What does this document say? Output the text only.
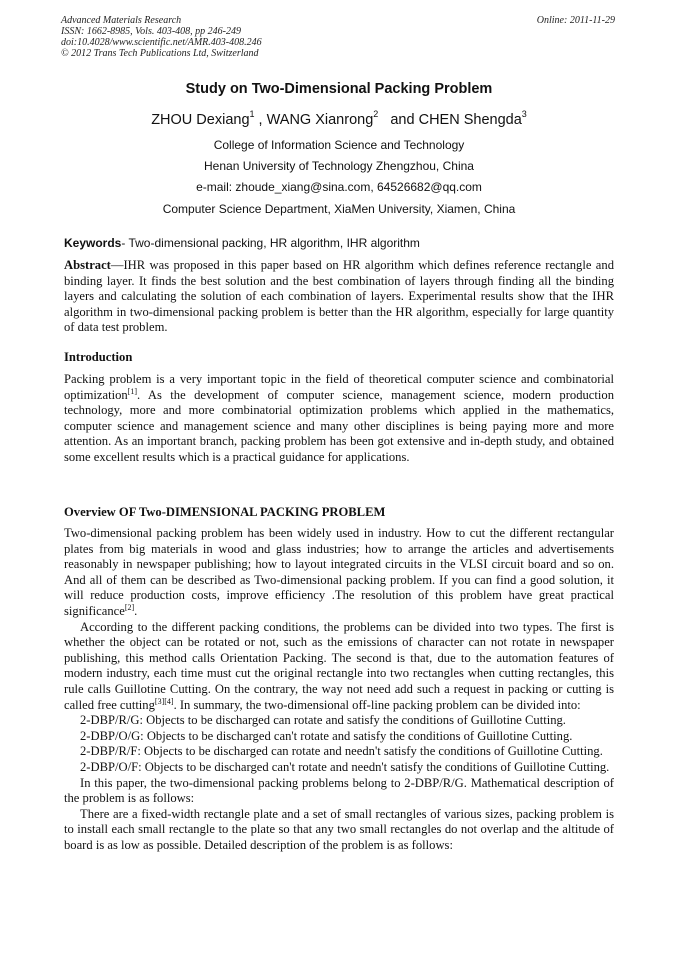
Advanced Materials Research
ISSN: 1662-8985, Vols. 403-408, pp 246-249
doi:10.4028/www.scientific.net/AMR.403-408.246
© 2012 Trans Tech Publications Ltd, Switzerland
Online: 2011-11-29
Study on Two-Dimensional Packing Problem
ZHOU Dexiang$^1$ , WANG Xianrong$^2$   and CHEN Shengda$^3$
College of Information Science and Technology
Henan University of Technology Zhengzhou, China
e-mail: zhoude_xiang@sina.com, 64526682@qq.com
Computer Science Department, XiaMen University, Xiamen, China
Keywords- Two-dimensional packing, HR algorithm, IHR algorithm

Abstract—IHR was proposed in this paper based on HR algorithm which defines reference rectangle and binding layer. It finds the best solution and the best combination of layers through finding all the binding layers and calculating the solution of each combination of layers. Experimental results show that the IHR algorithm in two-dimensional packing problem is better than the HR algorithm, especially for large quantity of data test problem.

Introduction

Packing problem is a very important topic in the field of theoretical computer science and combinatorial optimization[1]. As the development of computer science, management science, modern production technology, more and more combinatorial optimization problems which applied in the mathematics, computer science and management science and many other disciplines is being paying more and more attention. As an important branch, packing problem has been got extensive and in-depth study, and obtained some excellent results which is a practical guidance for applications.

Overview OF Two-DIMENSIONAL PACKING PROBLEM

Two-dimensional packing problem has been widely used in industry. How to cut the different rectangular plates from big materials in wood and glass industries; how to arrange the articles and advertisements reasonably in newspaper publishing; how to layout integrated circuits in the VLSI circuit board and so on. And all of them can be described as Two-dimensional packing problem. If you can find a good solution, it will reduce production costs, improve efficiency .The resolution of this problem have great practical significance[2].

According to the different packing conditions, the problems can be divided into two types. The first is whether the object can be rotated or not, such as the emissions of character can not rotate in newspaper publishing, this method calls Orientation Packing. The second is that, due to the automation features of modern industry, each time must cut the original rectangle into two rectangles when cutting rectangles, this rule calls Guillotine Cutting. On the contrary, the way not need add such a request in packing or cutting is called free cutting[3][4]. In summary, the two-dimensional off-line packing problem can be divided into:

2-DBP/R/G: Objects to be discharged can rotate and satisfy the conditions of Guillotine Cutting.

2-DBP/O/G: Objects to be discharged can't rotate and satisfy the conditions of Guillotine Cutting.

2-DBP/R/F: Objects to be discharged can rotate and needn't satisfy the conditions of Guillotine Cutting.

2-DBP/O/F: Objects to be discharged can't rotate and needn't satisfy the conditions of Guillotine Cutting.

In this paper, the two-dimensional packing problems belong to 2-DBP/R/G. Mathematical description of the problem is as follows:

There are a fixed-width rectangle plate and a set of small rectangles of various sizes, packing problem is to install each small rectangle to the plate so that any two small rectangles do not overlap and the altitude of board is as low as possible. Detailed description of the problem is as follows:
